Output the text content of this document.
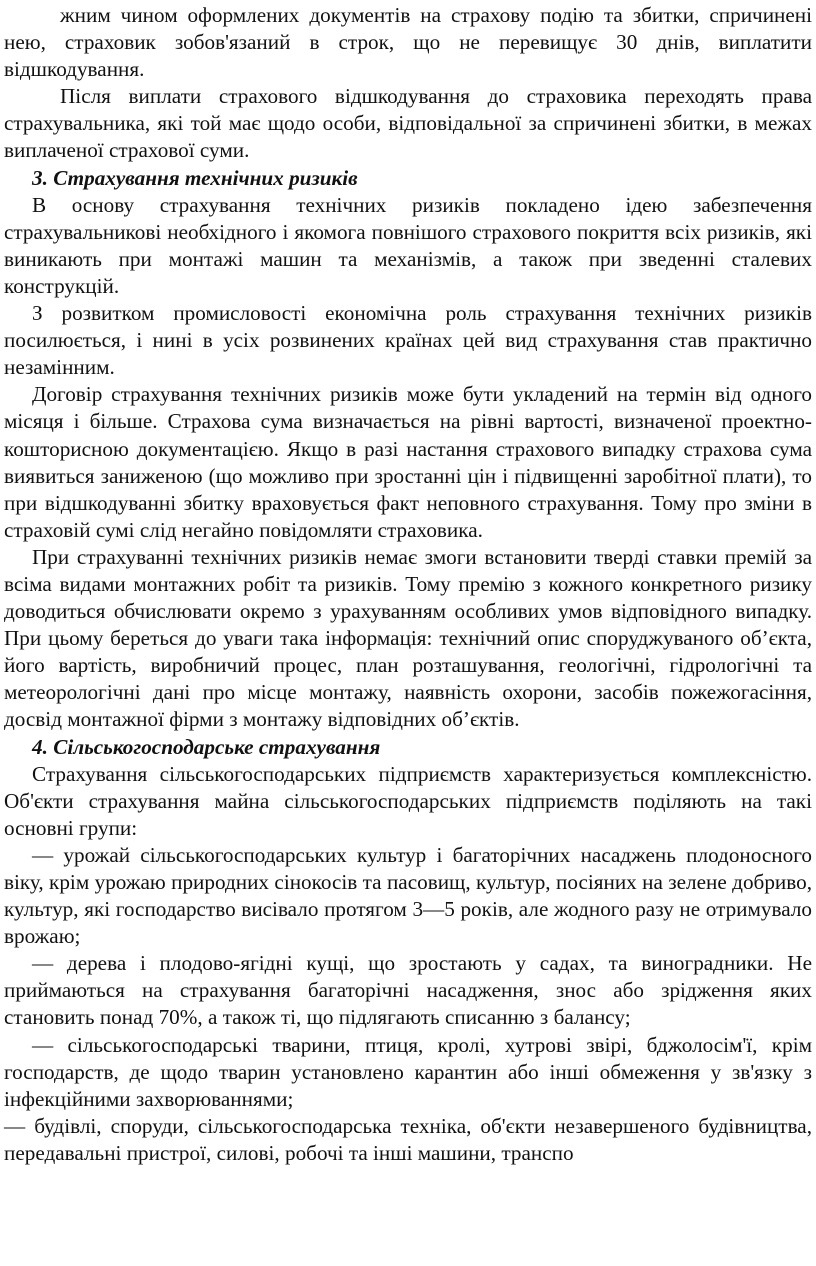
жним чином оформлених документів на страхову подію та збитки, спричинені нею, страховик зобов'язаний в строк, що не перевищує 30 днів, виплатити відшкодування.

Після виплати страхового відшкодування до страховика переходять права страхувальника, які той має щодо особи, відповідальної за спричинені збитки, в межах виплаченої страхової суми.

3. Страхування технічних ризиків

В основу страхування технічних ризиків покладено ідею забезпечення страхувальникові необхідного і якомога повнішого страхового покриття всіх ризиків, які виникають при монтажі машин та механізмів, а також при зведенні сталевих конструкцій.

З розвитком промисловості економічна роль страхування технічних ризиків посилюється, і нині в усіх розвинених країнах цей вид страхування став практично незамінним.

Договір страхування технічних ризиків може бути укладений на термін від одного місяця і більше. Страхова сума визначається на рівні вартості, визначеної проектно-кошторисною документацією. Якщо в разі настання страхового випадку страхова сума виявиться заниженою (що можливо при зростанні цін і підвищенні заробітної плати), то при відшкодуванні збитку враховується факт неповного страхування. Тому про зміни в страховій сумі слід негайно повідомляти страховика.

При страхуванні технічних ризиків немає змоги встановити тверді ставки премій за всіма видами монтажних робіт та ризиків. Тому премію з кожного конкретного ризику доводиться обчислювати окремо з урахуванням особливих умов відповідного випадку. При цьому береться до уваги така інформація: технічний опис споруджуваного об’єкта, його вартість, виробничий процес, план розташування, геологічні, гідрологічні та метеорологічні дані про місце монтажу, наявність охорони, засобів пожежогасіння, досвід монтажної фірми з монтажу відповідних об’єктів.

4. Сільськогосподарське страхування

Страхування сільськогосподарських підприємств характеризується комплексністю. Об'єкти страхування майна сільськогосподарських підприємств поділяють на такі основні групи:

— урожай сільськогосподарських культур і багаторічних насаджень плодоносного віку, крім урожаю природних сінокосів та пасовищ, культур, посіяних на зелене добриво, культур, які господарство висівало протягом 3—5 років, але жодного разу не отримувало врожаю;

— дерева і плодово-ягідні кущі, що зростають у садах, та виноградники. Не приймаються на страхування багаторічні насадження, знос або зрідження яких становить понад 70%, а також ті, що підлягають списанню з балансу;

— сільськогосподарські тварини, птиця, кролі, хутрові звірі, бджолосім'ї, крім господарств, де щодо тварин установлено карантин або інші обмеження у зв'язку з інфекційними захворюваннями;

— будівлі, споруди, сільськогосподарська техніка, об'єкти незавершеного будівництва, передавальні пристрої, силові, робочі та інші машини, транспо
